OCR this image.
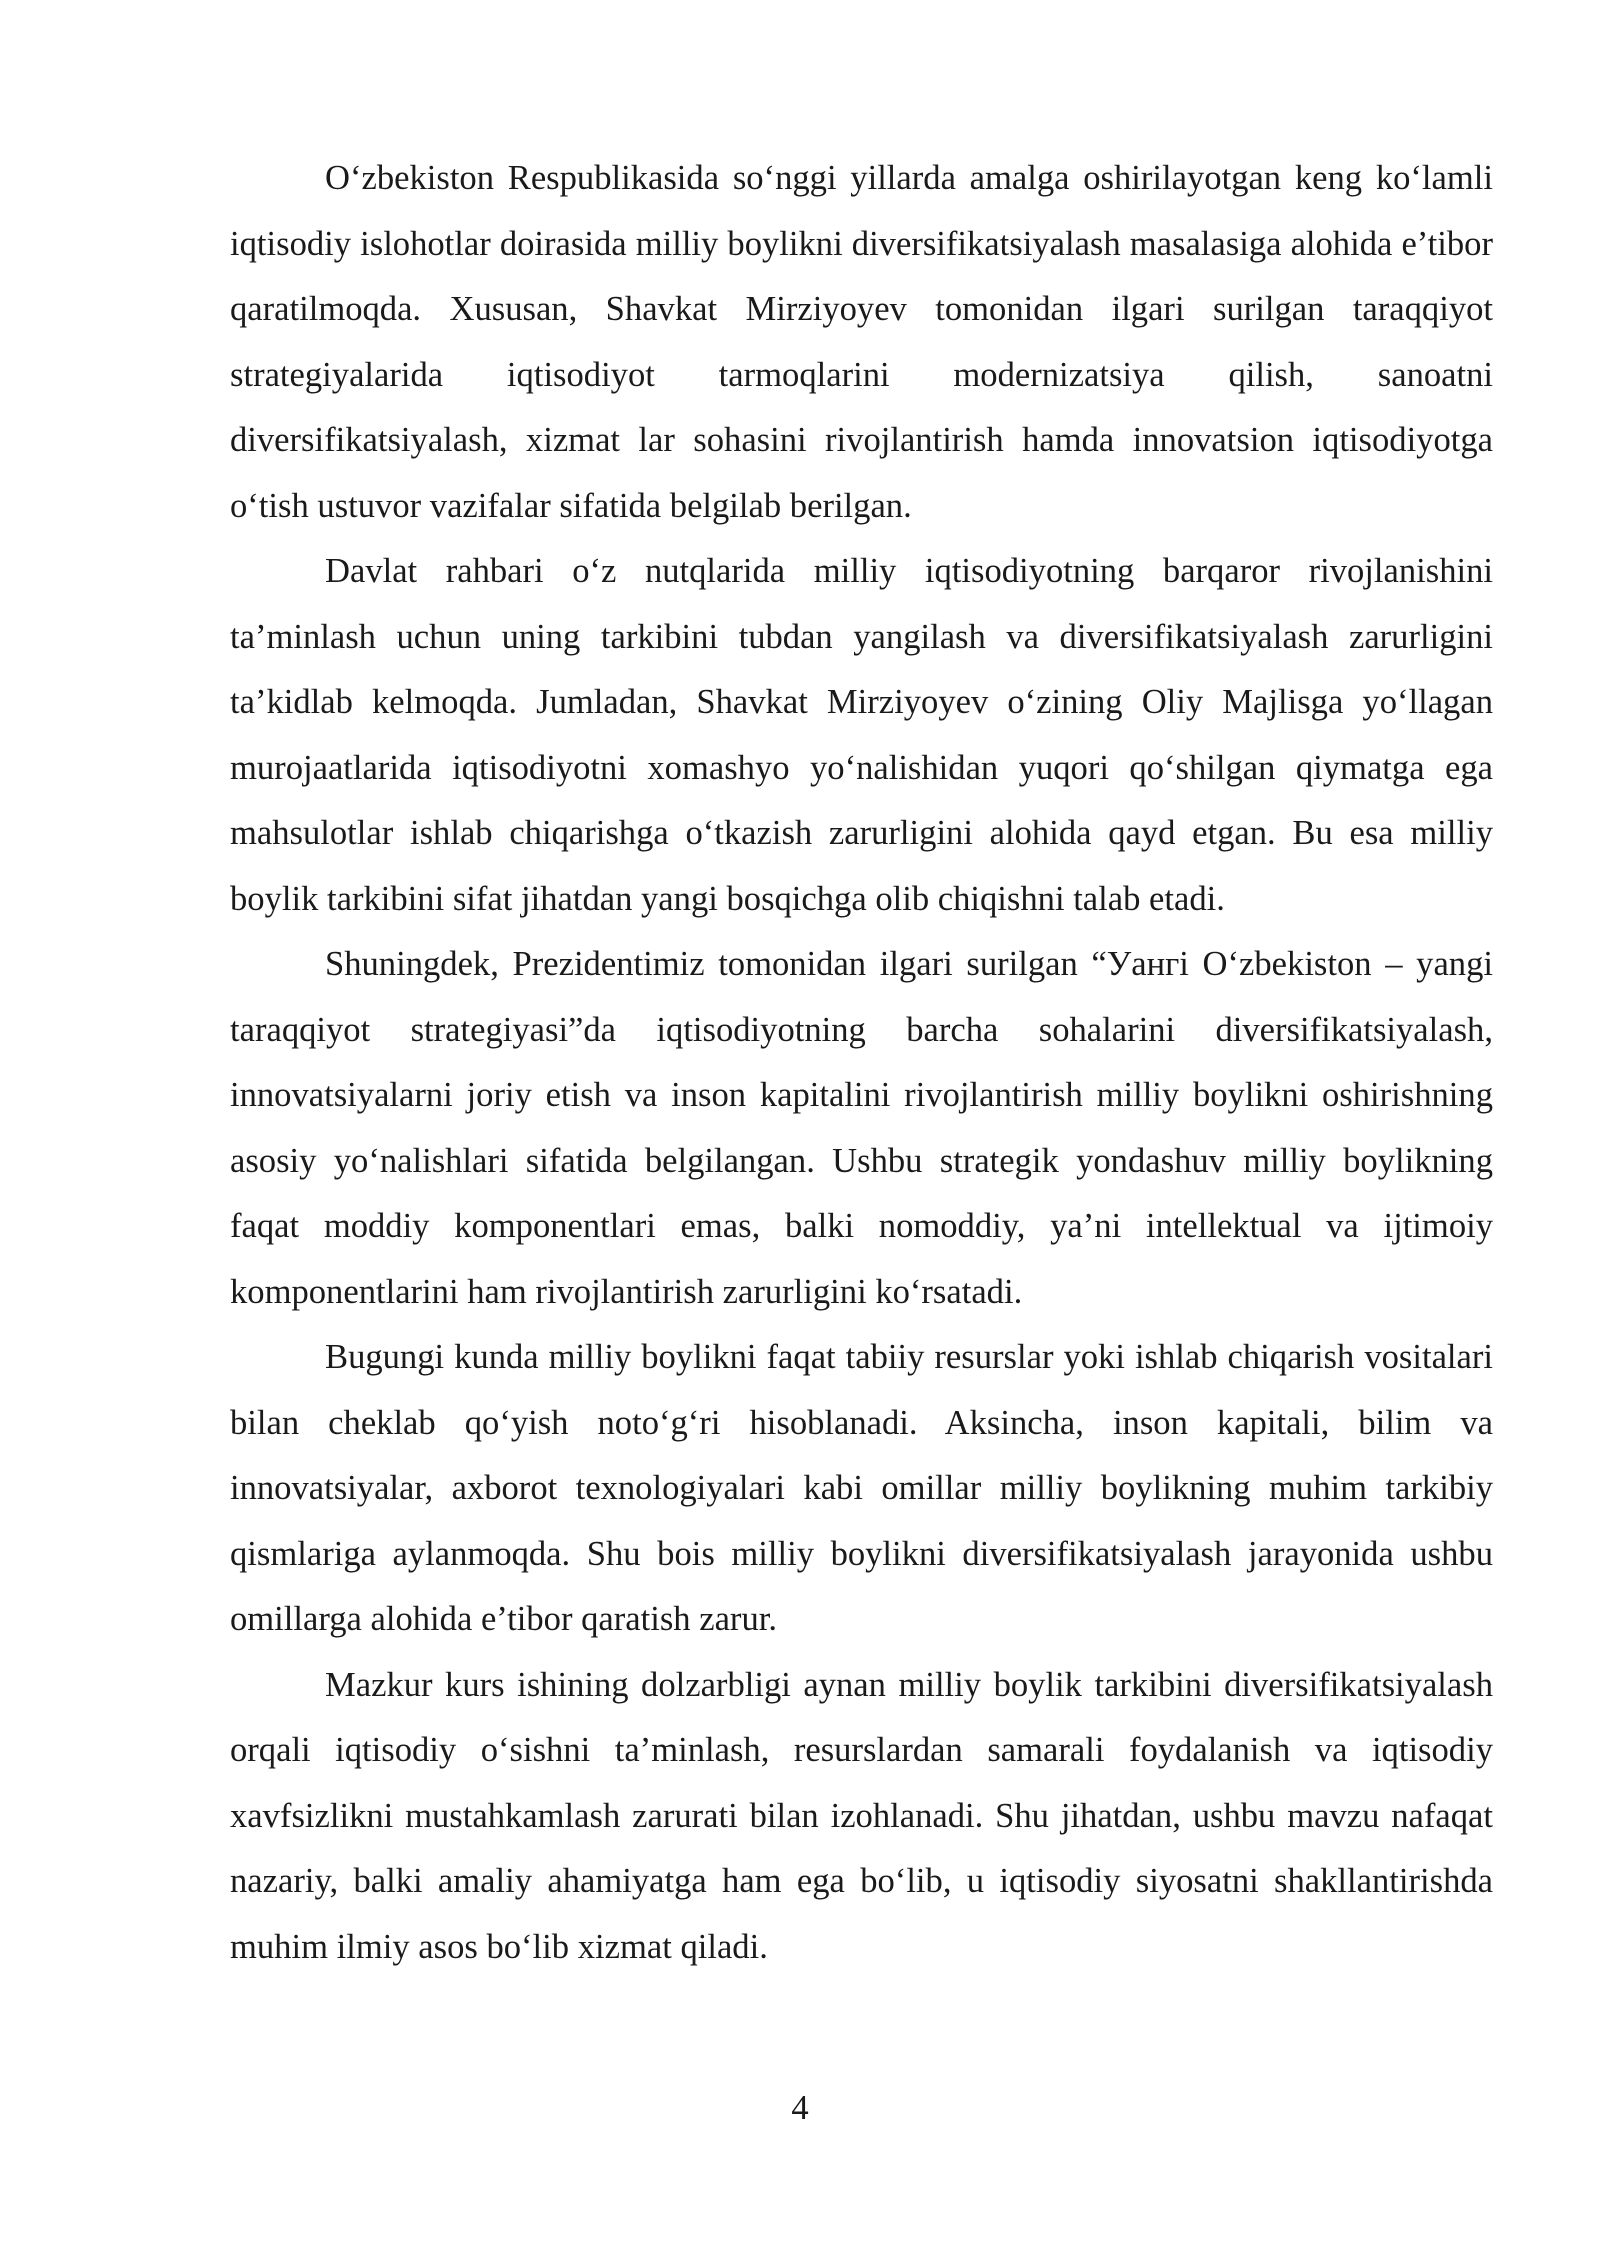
O‘zbekiston Respublikasida so‘nggi yillarda amalga oshirilayotgan keng ko‘lamli iqtisodiy islohotlar doirasida milliy boylikni diversifikatsiyalash masalasiga alohida e’tibor qaratilmoqda. Xususan, Shavkat Mirziyoyev tomonidan ilgari surilgan taraqqiyot strategiyalarida iqtisodiyot tarmoqlarini modernizatsiya qilish, sanoatni diversifikatsiyalash, xizmat lar sohasini rivojlantirish hamda innovatsion iqtisodiyotga o‘tish ustuvor vazifalar sifatida belgilab berilgan.

Davlat rahbari o‘z nutqlarida milliy iqtisodiyotning barqaror rivojlanishini ta’minlash uchun uning tarkibini tubdan yangilash va diversifikatsiyalash zarurligini ta’kidlab kelmoqda. Jumladan, Shavkat Mirziyoyev o‘zining Oliy Majlisga yo‘llagan murojaatlarida iqtisodiyotni xomashyo yo‘nalishidan yuqori qo‘shilgan qiymatga ega mahsulotlar ishlab chiqarishga o‘tkazish zarurligini alohida qayd etgan. Bu esa milliy boylik tarkibini sifat jihatdan yangi bosqichga olib chiqishni talab etadi.

Shuningdek, Prezidentimiz tomonidan ilgari surilgan “Уангi O‘zbekiston – yangi taraqqiyot strategiyasi”da iqtisodiyotning barcha sohalarini diversifikatsiyalash, innovatsiyalarni joriy etish va inson kapitalini rivojlantirish milliy boylikni oshirishning asosiy yo‘nalishlari sifatida belgilangan. Ushbu strategik yondashuv milliy boylikning faqat moddiy komponentlari emas, balki nomoddiy, ya’ni intellektual va ijtimoiy komponentlarini ham rivojlantirish zarurligini ko‘rsatadi.

Bugungi kunda milliy boylikni faqat tabiiy resurslar yoki ishlab chiqarish vositalari bilan cheklab qo‘yish noto‘g‘ri hisoblanadi. Aksincha, inson kapitali, bilim va innovatsiyalar, axborot texnologiyalari kabi omillar milliy boylikning muhim tarkibiy qismlariga aylanmoqda. Shu bois milliy boylikni diversifikatsiyalash jarayonida ushbu omillarga alohida e’tibor qaratish zarur.

Mazkur kurs ishining dolzarbligi aynan milliy boylik tarkibini diversifikatsiyalash orqali iqtisodiy o‘sishni ta’minlash, resurslardan samarali foydalanish va iqtisodiy xavfsizlikni mustahkamlash zarurati bilan izohlanadi. Shu jihatdan, ushbu mavzu nafaqat nazariy, balki amaliy ahamiyatga ham ega bo‘lib, u iqtisodiy siyosatni shakllantirishda muhim ilmiy asos bo‘lib xizmat qiladi.

4
